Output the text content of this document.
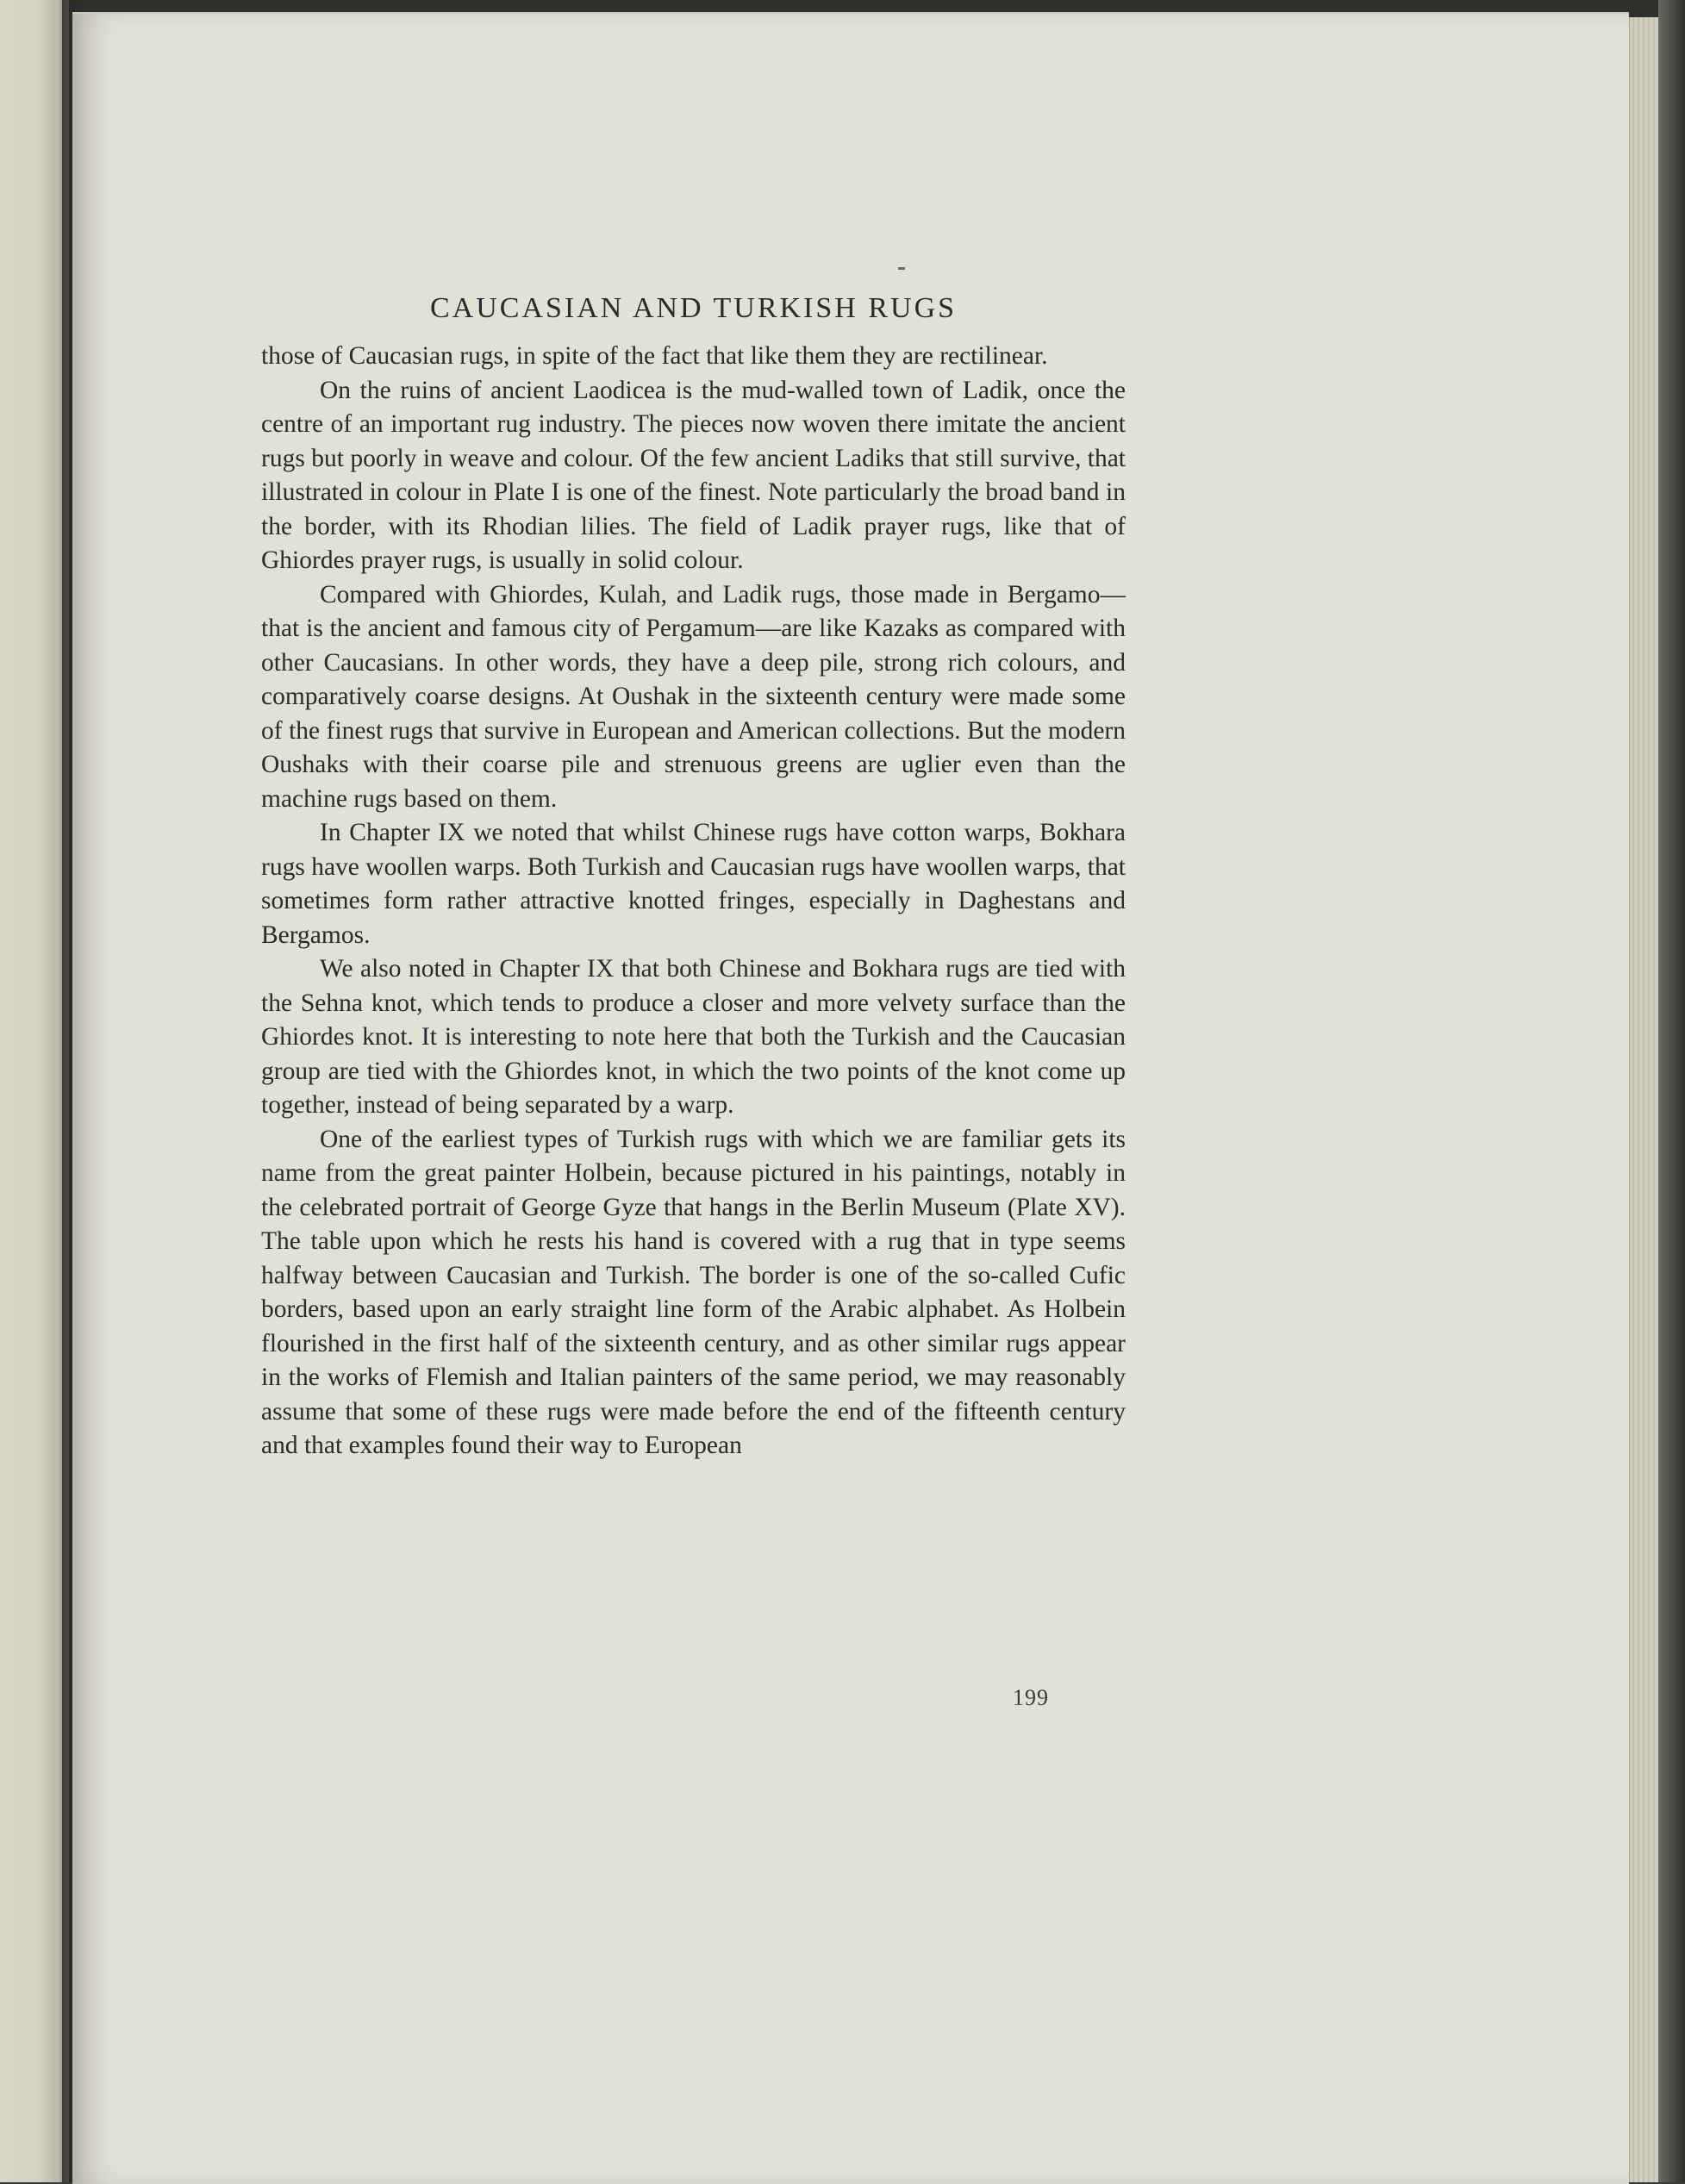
CAUCASIAN AND TURKISH RUGS

those of Caucasian rugs, in spite of the fact that like them they are rectilinear.

On the ruins of ancient Laodicea is the mud-walled town of Ladik, once the centre of an important rug industry. The pieces now woven there imitate the ancient rugs but poorly in weave and colour. Of the few ancient Ladiks that still survive, that illustrated in colour in Plate I is one of the finest. Note particularly the broad band in the border, with its Rhodian lilies. The field of Ladik prayer rugs, like that of Ghiordes prayer rugs, is usually in solid colour.

Compared with Ghiordes, Kulah, and Ladik rugs, those made in Bergamo—that is the ancient and famous city of Pergamum—are like Kazaks as compared with other Caucasians. In other words, they have a deep pile, strong rich colours, and comparatively coarse designs. At Oushak in the sixteenth century were made some of the finest rugs that survive in European and American collections. But the modern Oushaks with their coarse pile and strenuous greens are uglier even than the machine rugs based on them.

In Chapter IX we noted that whilst Chinese rugs have cotton warps, Bokhara rugs have woollen warps. Both Turkish and Caucasian rugs have woollen warps, that sometimes form rather attractive knotted fringes, especially in Daghestans and Bergamos.

We also noted in Chapter IX that both Chinese and Bokhara rugs are tied with the Sehna knot, which tends to produce a closer and more velvety surface than the Ghiordes knot. It is interesting to note here that both the Turkish and the Caucasian group are tied with the Ghiordes knot, in which the two points of the knot come up together, instead of being separated by a warp.

One of the earliest types of Turkish rugs with which we are familiar gets its name from the great painter Holbein, because pictured in his paintings, notably in the celebrated portrait of George Gyze that hangs in the Berlin Museum (Plate XV). The table upon which he rests his hand is covered with a rug that in type seems halfway between Caucasian and Turkish. The border is one of the so-called Cufic borders, based upon an early straight line form of the Arabic alphabet. As Holbein flourished in the first half of the sixteenth century, and as other similar rugs appear in the works of Flemish and Italian painters of the same period, we may reasonably assume that some of these rugs were made before the end of the fifteenth century and that examples found their way to European

199
